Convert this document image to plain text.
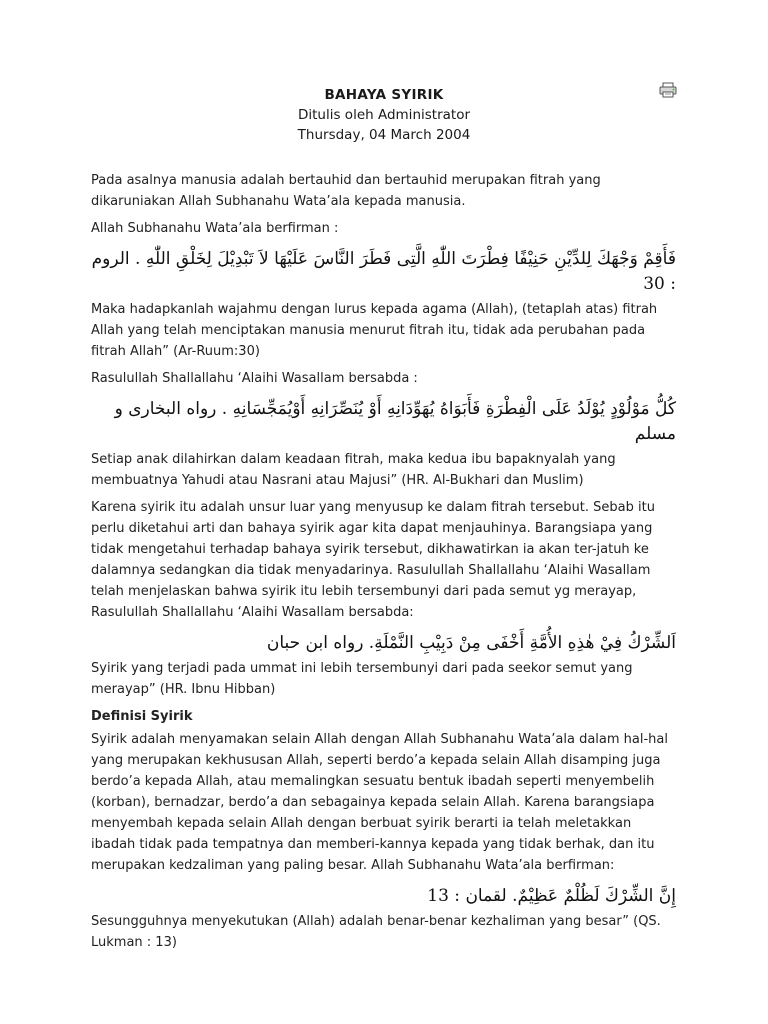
BAHAYA SYIRIK
Ditulis oleh Administrator
Thursday, 04 March 2004

Pada asalnya manusia adalah bertauhid dan bertauhid merupakan fitrah yang dikaruniakan Allah Subhanahu Wata’ala kepada manusia.

Allah Subhanahu Wata’ala berfirman :

فَأَقِمْ وَجْهَكَ لِلدِّيْنِ حَنِيْفًا فِطْرَتَ اللّٰهِ الَّتِى فَطَرَ النَّاسَ عَلَيْهَا لاَ تَبْدِيْلَ لِخَلْقِ اللّٰهِ . الروم : 30

Maka hadapkanlah wajahmu dengan lurus kepada agama (Allah), (tetaplah atas) fitrah Allah yang telah menciptakan manusia menurut fitrah itu, tidak ada perubahan pada fitrah Allah” (Ar-Ruum:30)

Rasulullah Shallallahu ‘Alaihi Wasallam bersabda :

كُلُّ مَوْلُوْدٍ يُوْلَدُ عَلَى الْفِطْرَةِ فَأَبَوَاهُ يُهَوِّدَانِهِ أَوْ يُنَصِّرَانِهِ أَوْيُمَجِّسَانِهِ . رواه البخارى و مسلم

Setiap anak dilahirkan dalam keadaan fitrah, maka kedua ibu bapaknyalah yang membuatnya Yahudi atau Nasrani atau Majusi” (HR. Al-Bukhari dan Muslim)

Karena syirik itu adalah unsur luar yang menyusup ke dalam fitrah tersebut. Sebab itu perlu diketahui arti dan bahaya syirik agar kita dapat menjauhinya. Barangsiapa yang tidak mengetahui terhadap bahaya syirik tersebut, dikhawatirkan ia akan ter-jatuh ke dalamnya sedangkan dia tidak menyadarinya. Rasulullah Shallallahu ‘Alaihi Wasallam telah menjelaskan bahwa syirik itu lebih tersembunyi dari pada semut yg merayap, Rasulullah Shallallahu ‘Alaihi Wasallam bersabda:

اَلشِّرْكُ فِيْ هٰذِهِ الأُمَّةِ أَخْفَى مِنْ دَبِيْبِ النَّمْلَةِ. رواه ابن حبان

Syirik yang terjadi pada ummat ini lebih tersembunyi dari pada seekor semut yang merayap” (HR. Ibnu Hibban)

Definisi Syirik

Syirik adalah menyamakan selain Allah dengan Allah Subhanahu Wata’ala dalam hal-hal yang merupakan kekhususan Allah, seperti berdo’a kepada selain Allah disamping juga berdo’a kepada Allah, atau memalingkan sesuatu bentuk ibadah seperti menyembelih (korban), bernadzar, berdo’a dan sebagainya kepada selain Allah. Karena barangsiapa menyembah kepada selain Allah dengan berbuat syirik berarti ia telah meletakkan ibadah tidak pada tempatnya dan memberi-kannya kepada yang tidak berhak, dan itu merupakan kedzaliman yang paling besar. Allah Subhanahu Wata’ala berfirman:

إِنَّ الشِّرْكَ لَظُلْمٌ عَظِيْمٌ. لقمان : 13

Sesungguhnya menyekutukan (Allah) adalah benar-benar kezhaliman yang besar” (QS. Lukman : 13)
